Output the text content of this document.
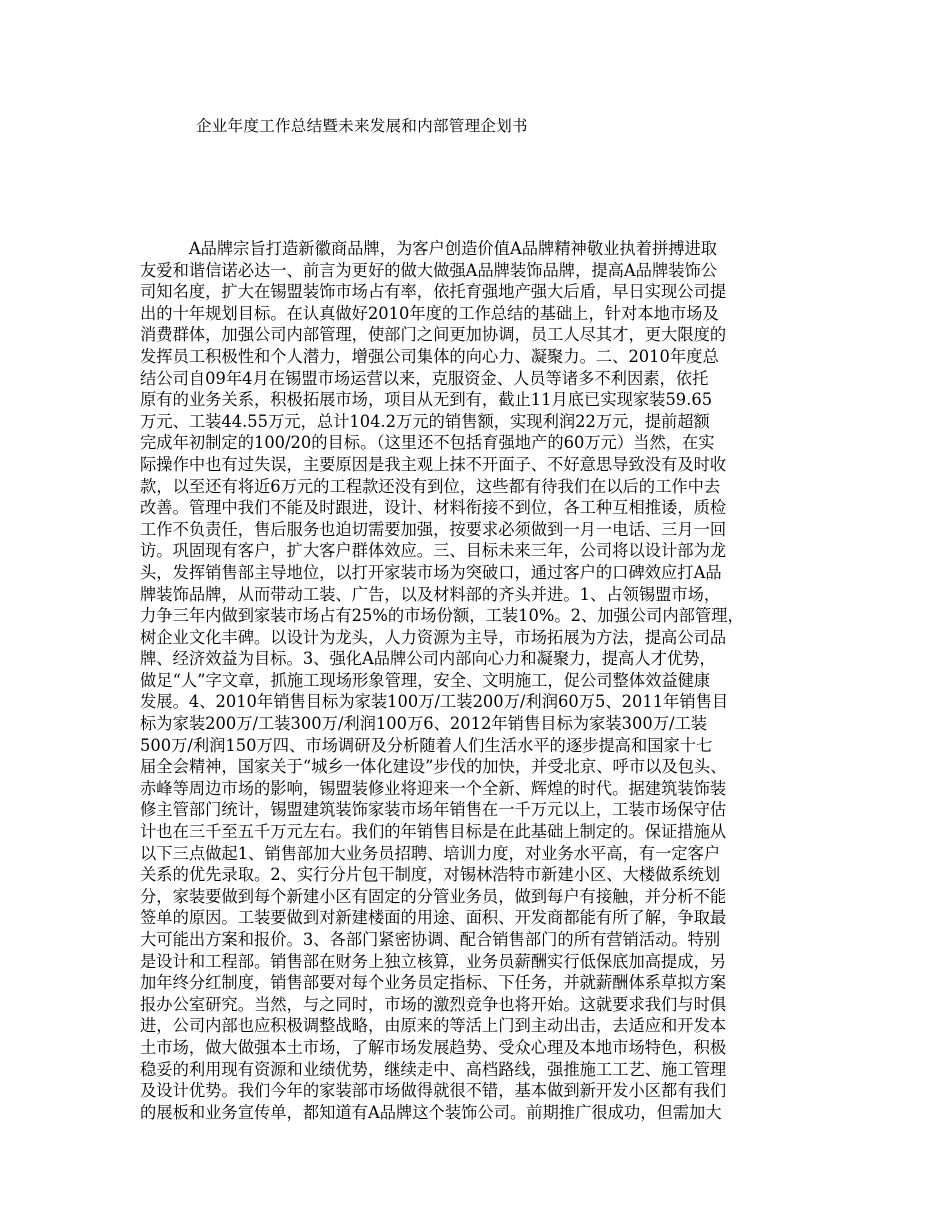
企业年度工作总结暨未来发展和内部管理企划书
　　　A品牌宗旨打造新徽商品牌，为客户创造价值A品牌精神敬业执着拼搏进取
友爱和谐信诺必达一、前言为更好的做大做强A品牌装饰品牌，提高A品牌装饰公
司知名度，扩大在锡盟装饰市场占有率，依托育强地产强大后盾，早日实现公司提
出的十年规划目标。在认真做好2010年度的工作总结的基础上，针对本地市场及
消费群体，加强公司内部管理，使部门之间更加协调，员工人尽其才，更大限度的
发挥员工积极性和个人潜力，增强公司集体的向心力、凝聚力。二、2010年度总
结公司自09年4月在锡盟市场运营以来，克服资金、人员等诸多不利因素，依托
原有的业务关系，积极拓展市场，项目从无到有，截止11月底已实现家装59.65
万元、工装44.55万元，总计104.2万元的销售额，实现利润22万元，提前超额
完成年初制定的100/20的目标。（这里还不包括育强地产的60万元）当然，在实
际操作中也有过失误，主要原因是我主观上抹不开面子、不好意思导致没有及时收
款，以至还有将近6万元的工程款还没有到位，这些都有待我们在以后的工作中去
改善。管理中我们不能及时跟进，设计、材料衔接不到位，各工种互相推诿，质检
工作不负责任，售后服务也迫切需要加强，按要求必须做到一月一电话、三月一回
访。巩固现有客户，扩大客户群体效应。三、目标未来三年，公司将以设计部为龙
头，发挥销售部主导地位，以打开家装市场为突破口，通过客户的口碑效应打A品
牌装饰品牌，从而带动工装、广告，以及材料部的齐头并进。1、占领锡盟市场，
力争三年内做到家装市场占有25%的市场份额，工装10%。2、加强公司内部管理，
树企业文化丰碑。以设计为龙头，人力资源为主导，市场拓展为方法，提高公司品
牌、经济效益为目标。3、强化A品牌公司内部向心力和凝聚力，提高人才优势，
做足“人”字文章，抓施工现场形象管理，安全、文明施工，促公司整体效益健康
发展。4、2010年销售目标为家装100万/工装200万/利润60万5、2011年销售目
标为家装200万/工装300万/利润100万6、2012年销售目标为家装300万/工装
500万/利润150万四、市场调研及分析随着人们生活水平的逐步提高和国家十七
届全会精神，国家关于“城乡一体化建设”步伐的加快，并受北京、呼市以及包头、
赤峰等周边市场的影响，锡盟装修业将迎来一个全新、辉煌的时代。据建筑装饰装
修主管部门统计，锡盟建筑装饰家装市场年销售在一千万元以上，工装市场保守估
计也在三千至五千万元左右。我们的年销售目标是在此基础上制定的。保证措施从
以下三点做起1、销售部加大业务员招聘、培训力度，对业务水平高，有一定客户
关系的优先录取。2、实行分片包干制度，对锡林浩特市新建小区、大楼做系统划
分，家装要做到每个新建小区有固定的分管业务员，做到每户有接触，并分析不能
签单的原因。工装要做到对新建楼面的用途、面积、开发商都能有所了解，争取最
大可能出方案和报价。3、各部门紧密协调、配合销售部门的所有营销活动。特别
是设计和工程部。销售部在财务上独立核算，业务员薪酬实行低保底加高提成，另
加年终分红制度，销售部要对每个业务员定指标、下任务，并就薪酬体系草拟方案
报办公室研究。当然，与之同时，市场的激烈竞争也将开始。这就要求我们与时俱
进，公司内部也应积极调整战略，由原来的等活上门到主动出击，去适应和开发本
土市场，做大做强本土市场，了解市场发展趋势、受众心理及本地市场特色，积极
稳妥的利用现有资源和业绩优势，继续走中、高档路线，强推施工工艺、施工管理
及设计优势。我们今年的家装部市场做得就很不错，基本做到新开发小区都有我们
的展板和业务宣传单，都知道有A品牌这个装饰公司。前期推广很成功，但需加大
